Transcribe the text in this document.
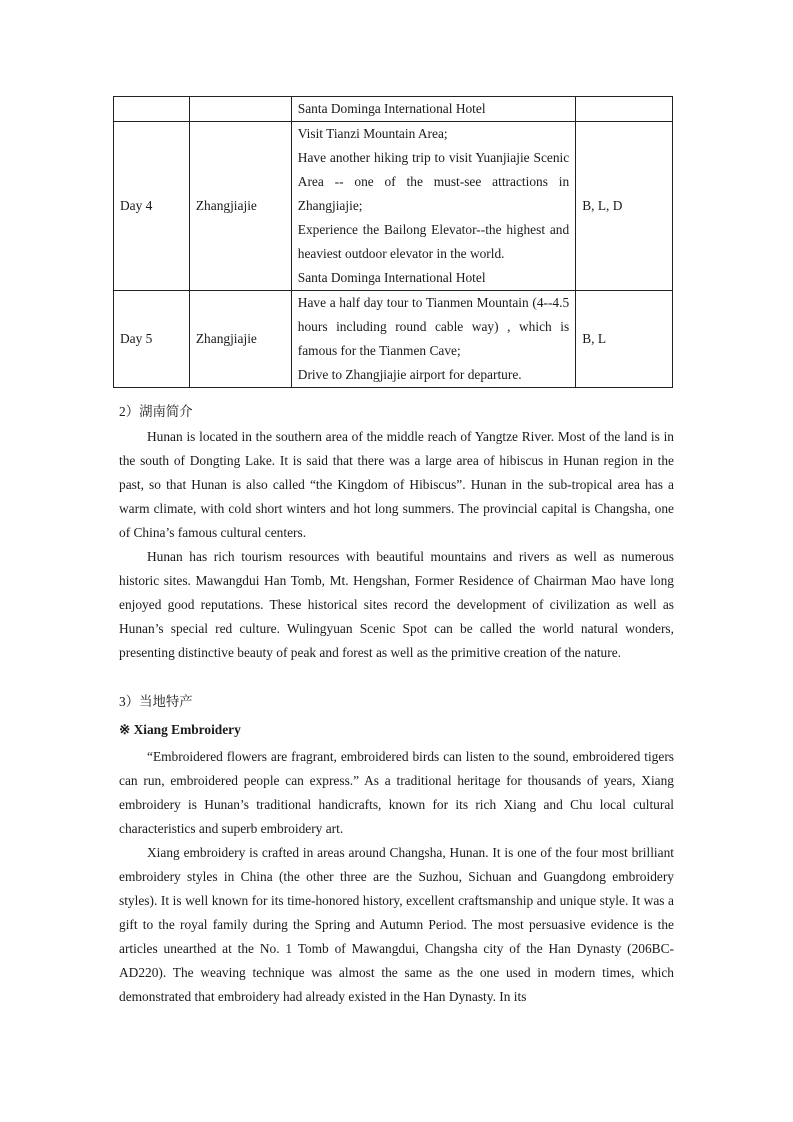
		Santa Dominga International Hotel	

Day 4	Zhangjiajie	Visit Tianzi Mountain Area;
Have another hiking trip to visit Yuanjiajie Scenic Area -- one of the must-see attractions in Zhangjiajie;
Experience the Bailong Elevator--the highest and heaviest outdoor elevator in the world.
Santa Dominga International Hotel	B, L, D
Day 5	Zhangjiajie	Have a half day tour to Tianmen Mountain (4--4.5 hours including round cable way) , which is famous for the Tianmen Cave;
Drive to Zhangjiajie airport for departure.	B, L
2）湖南简介

Hunan is located in the southern area of the middle reach of Yangtze River. Most of the land is in the south of Dongting Lake. It is said that there was a large area of hibiscus in Hunan region in the past, so that Hunan is also called “the Kingdom of Hibiscus”. Hunan in the sub-tropical area has a warm climate, with cold short winters and hot long summers. The provincial capital is Changsha, one of China’s famous cultural centers.

Hunan has rich tourism resources with beautiful mountains and rivers as well as numerous historic sites. Mawangdui Han Tomb, Mt. Hengshan, Former Residence of Chairman Mao have long enjoyed good reputations. These historical sites record the development of civilization as well as Hunan’s special red culture. Wulingyuan Scenic Spot can be called the world natural wonders, presenting distinctive beauty of peak and forest as well as the primitive creation of the nature.

3）当地特产
※ Xiang Embroidery

“Embroidered flowers are fragrant, embroidered birds can listen to the sound, embroidered tigers can run, embroidered people can express.” As a traditional heritage for thousands of years, Xiang embroidery is Hunan’s traditional handicrafts, known for its rich Xiang and Chu local cultural characteristics and superb embroidery art.

Xiang embroidery is crafted in areas around Changsha, Hunan. It is one of the four most brilliant embroidery styles in China (the other three are the Suzhou, Sichuan and Guangdong embroidery styles). It is well known for its time-honored history, excellent craftsmanship and unique style. It was a gift to the royal family during the Spring and Autumn Period. The most persuasive evidence is the articles unearthed at the No. 1 Tomb of Mawangdui, Changsha city of the Han Dynasty (206BC-AD220). The weaving technique was almost the same as the one used in modern times, which demonstrated that embroidery had already existed in the Han Dynasty. In its
